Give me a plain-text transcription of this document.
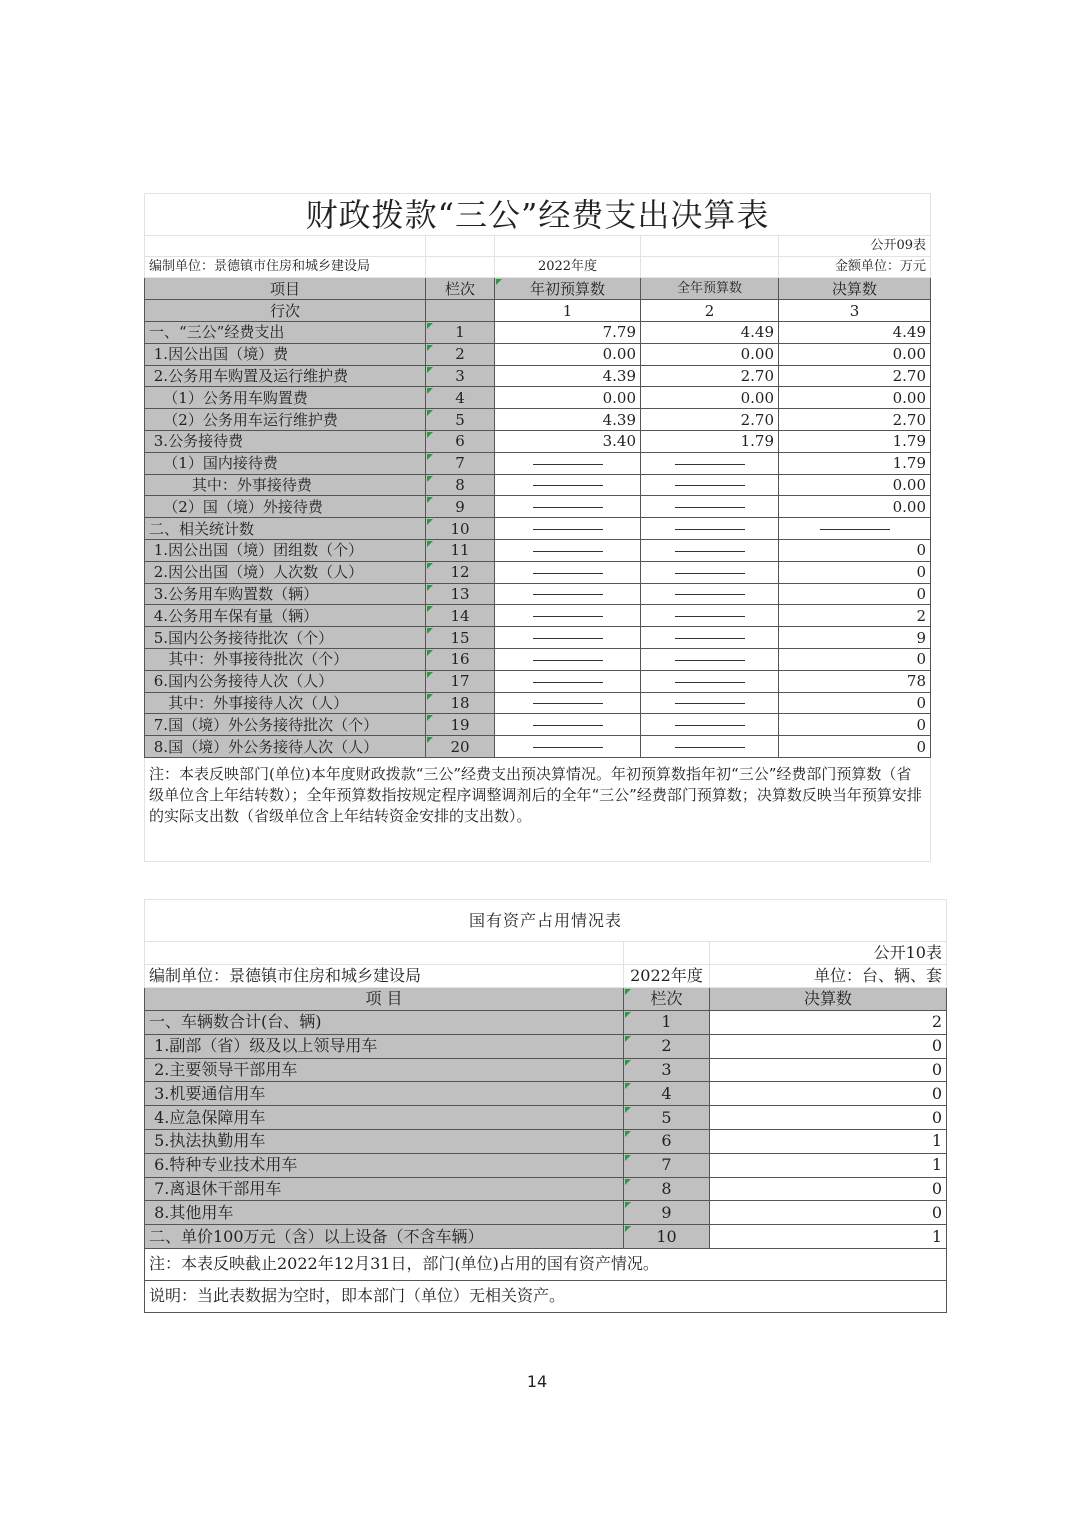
财政拨款“三公”经费支出决算表				
				公开09表
编制单位：景德镇市住房和城乡建设局		2022年度		金额单位：万元
项目	栏次	年初预算数	全年预算数	决算数
行次		1	2	3
一、“三公”经费支出	1	7.79	4.49	4.49
1.因公出国（境）费	2	0.00	0.00	0.00
2.公务用车购置及运行维护费	3	4.39	2.70	2.70
（1）公务用车购置费	4	0.00	0.00	0.00
（2）公务用车运行维护费	5	4.39	2.70	2.70
3.公务接待费	6	3.40	1.79	1.79
（1）国内接待费	7			1.79
其中：外事接待费	8			0.00
（2）国（境）外接待费	9			0.00
二、相关统计数	10			
1.因公出国（境）团组数（个）	11			0
2.因公出国（境）人次数（人）	12			0
3.公务用车购置数（辆）	13			0
4.公务用车保有量（辆）	14			2
5.国内公务接待批次（个）	15			9
其中：外事接待批次（个）	16			0
6.国内公务接待人次（人）	17			78
其中：外事接待人次（人）	18			0
7.国（境）外公务接待批次（个）	19			0
8.国（境）外公务接待人次（人）	20			0
注：本表反映部门(单位)本年度财政拨款“三公”经费支出预决算情况。年初预算数指年初“三公”经费部门预算数（省级单位含上年结转数）；全年预算数指按规定程序调整调剂后的全年“三公”经费部门预算数；决算数反映当年预算安排的实际支出数（省级单位含上年结转资金安排的支出数）。				
国有资产占用情况表		
		公开10表
编制单位：景德镇市住房和城乡建设局	2022年度	单位：台、辆、套
项 目	栏次	决算数
一、车辆数合计(台、辆)	1	2
1.副部（省）级及以上领导用车	2	0
2.主要领导干部用车	3	0
3.机要通信用车	4	0
4.应急保障用车	5	0
5.执法执勤用车	6	1
6.特种专业技术用车	7	1
7.离退休干部用车	8	0
8.其他用车	9	0
二、单价100万元（含）以上设备（不含车辆）	10	1
注：本表反映截止2022年12月31日，部门(单位)占用的国有资产情况。		
说明：当此表数据为空时，即本部门（单位）无相关资产。		
14
